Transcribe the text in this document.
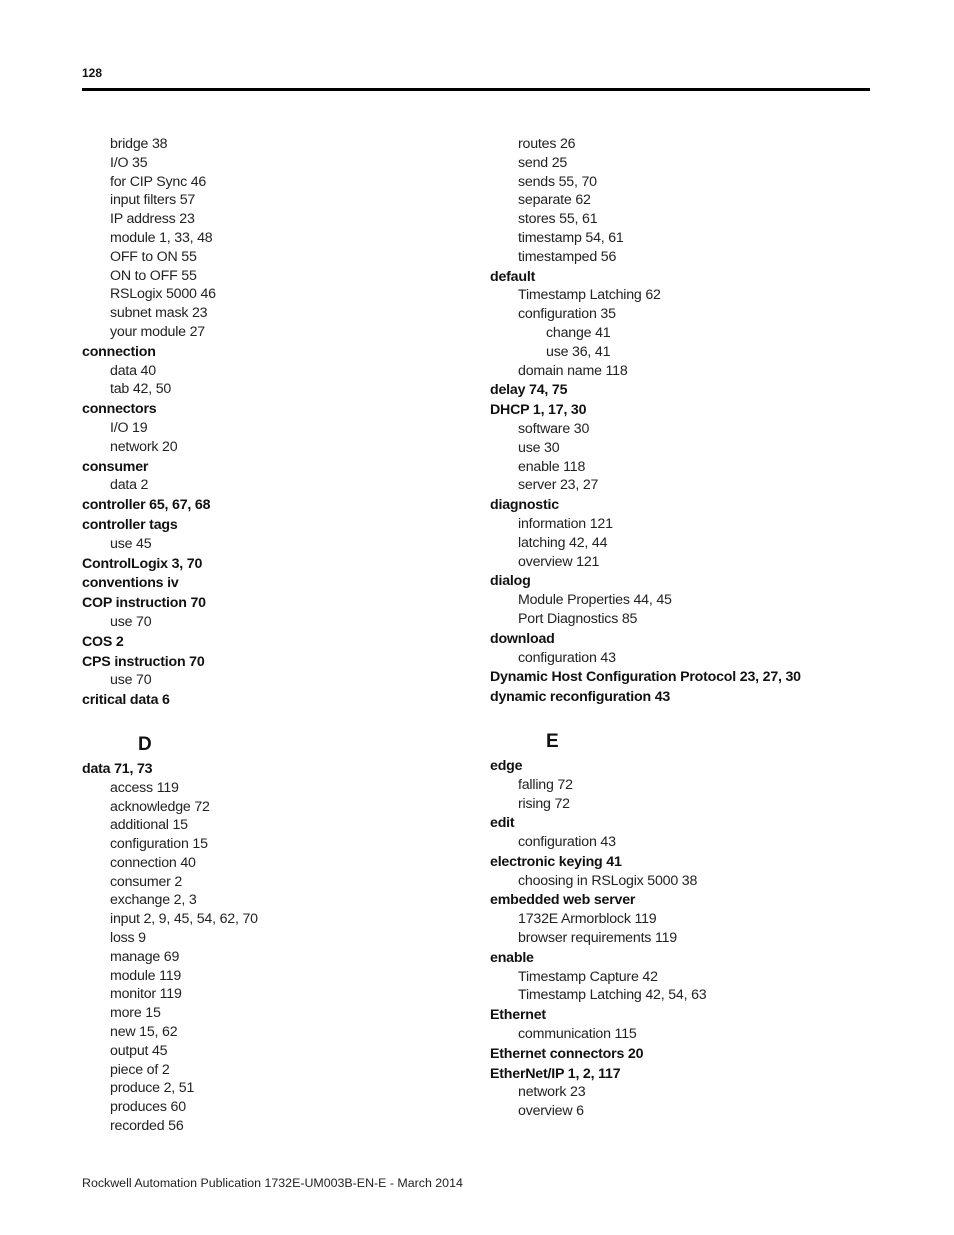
128
bridge 38
I/O 35
for CIP Sync 46
input filters 57
IP address 23
module 1, 33, 48
OFF to ON 55
ON to OFF 55
RSLogix 5000 46
subnet mask 23
your module 27
connection
data 40
tab 42, 50
connectors
I/O 19
network 20
consumer
data 2
controller 65, 67, 68
controller tags
use 45
ControlLogix 3, 70
conventions iv
COP instruction 70
use 70
COS 2
CPS instruction 70
use 70
critical data 6
D
data 71, 73
access 119
acknowledge 72
additional 15
configuration 15
connection 40
consumer 2
exchange 2, 3
input 2, 9, 45, 54, 62, 70
loss 9
manage 69
module 119
monitor 119
more 15
new 15, 62
output 45
piece of 2
produce 2, 51
produces 60
recorded 56
routes 26
send 25
sends 55, 70
separate 62
stores 55, 61
timestamp 54, 61
timestamped 56
default
Timestamp Latching 62
configuration 35
change 41
use 36, 41
domain name 118
delay 74, 75
DHCP 1, 17, 30
software 30
use 30
enable 118
server 23, 27
diagnostic
information 121
latching 42, 44
overview 121
dialog
Module Properties 44, 45
Port Diagnostics 85
download
configuration 43
Dynamic Host Configuration Protocol 23, 27, 30
dynamic reconfiguration 43
E
edge
falling 72
rising 72
edit
configuration 43
electronic keying 41
choosing in RSLogix 5000 38
embedded web server
1732E Armorblock 119
browser requirements 119
enable
Timestamp Capture 42
Timestamp Latching 42, 54, 63
Ethernet
communication 115
Ethernet connectors 20
EtherNet/IP 1, 2, 117
network 23
overview 6
Rockwell Automation Publication 1732E-UM003B-EN-E - March 2014
